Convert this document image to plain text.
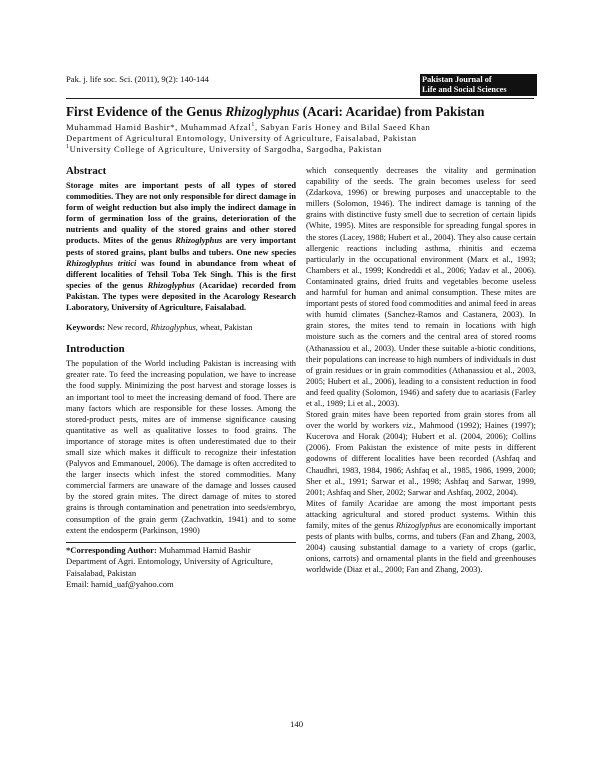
Pak. j. life soc. Sci. (2011), 9(2): 140-144	Pakistan Journal of
Life and Social Sciences
First Evidence of the Genus Rhizoglyphus (Acari: Acaridae) from Pakistan
Muhammad Hamid Bashir*, Muhammad Afzal$^1$, Sabyan Faris Honey and Bilal Saeed Khan
Department of Agricultural Entomology, University of Agriculture, Faisalabad, Pakistan
$^1$University College of Agriculture, University of Sargodha, Sargodha, Pakistan
Abstract

Storage mites are important pests of all types of stored commodities. They are not only responsible for direct damage in form of weight reduction but also imply the indirect damage in form of germination loss of the grains, deterioration of the nutrients and quality of the stored grains and other stored products. Mites of the genus Rhizoglyphus are very important pests of stored grains, plant bulbs and tubers. One new species Rhizoglyphus tritici was found in abundance from wheat of different localities of Tehsil Toba Tek Singh. This is the first species of the genus Rhizoglyphus (Acaridae) recorded from Pakistan. The types were deposited in the Acarology Research Laboratory, University of Agriculture, Faisalabad.

Keywords: New record, Rhizoglyphus, wheat, Pakistan

Introduction

The population of the World including Pakistan is increasing with greater rate. To feed the increasing population, we have to increase the food supply. Minimizing the post harvest and storage losses is an important tool to meet the increasing demand of food. There are many factors which are responsible for these losses. Among the stored-product pests, mites are of immense significance causing quantitative as well as qualitative losses to food grains. The importance of storage mites is often underestimated due to their small size which makes it difficult to recognize their infestation (Palyvos and Emmanouel, 2006). The damage is often accredited to the larger insects which infest the stored commodities. Many commercial farmers are unaware of the damage and losses caused by the stored grain mites. The direct damage of mites to stored grains is through contamination and penetration into seeds/embryo, consumption of the grain germ (Zachvatkin, 1941) and to some extent the endosperm (Parkinson, 1990)

*Corresponding Author: Muhammad Hamid Bashir
Department of Agri. Entomology, University of Agriculture, Faisalabad, Pakistan
Email: hamid_uaf@yahoo.com

which consequently decreases the vitality and germination capability of the seeds. The grain becomes useless for seed (Zdarkova, 1996) or brewing purposes and unacceptable to the millers (Solomon, 1946). The indirect damage is tanning of the grains with distinctive fusty smell due to secretion of certain lipids (White, 1995). Mites are responsible for spreading fungal spores in the stores (Lacey, 1988; Hubert et al., 2004). They also cause certain allergenic reactions including asthma, rhinitis and eczema particularly in the occupational environment (Marx et al., 1993; Chambers et al., 1999; Kondreddi et al., 2006; Yadav et al., 2006). Contaminated grains, dried fruits and vegetables become useless and harmful for human and animal consumption. These mites are important pests of stored food commodities and animal feed in areas with humid climates (Sanchez-Ramos and Castanera, 2003). In grain stores, the mites tend to remain in locations with high moisture such as the corners and the central area of stored rooms (Athanassiou et al., 2003). Under these suitable a-biotic conditions, their populations can increase to high numbers of individuals in dust of grain residues or in grain commodities (Athanassiou et al., 2003, 2005; Hubert et al., 2006), leading to a consistent reduction in food and feed quality (Solomon, 1946) and safety due to acariasis (Farley et al., 1989; Li et al., 2003).

Stored grain mites have been reported from grain stores from all over the world by workers viz., Mahmood (1992); Haines (1997); Kucerova and Horak (2004); Hubert et al. (2004, 2006); Collins (2006). From Pakistan the existence of mite pests in different godowns of different localities have been recorded (Ashfaq and Chaudhri, 1983, 1984, 1986; Ashfaq et al., 1985, 1986, 1999, 2000; Sher et al., 1991; Sarwar et al., 1998; Ashfaq and Sarwar, 1999, 2001; Ashfaq and Sher, 2002; Sarwar and Ashfaq, 2002, 2004).

Mites of family Acaridae are among the most important pests attacking agricultural and stored product systems. Within this family, mites of the genus Rhizoglyphus are economically important pests of plants with bulbs, corms, and tubers (Fan and Zhang, 2003, 2004) causing substantial damage to a variety of crops (garlic, onions, carrots) and ornamental plants in the field and greenhouses worldwide (Diaz et al., 2000; Fan and Zhang, 2003).

140
